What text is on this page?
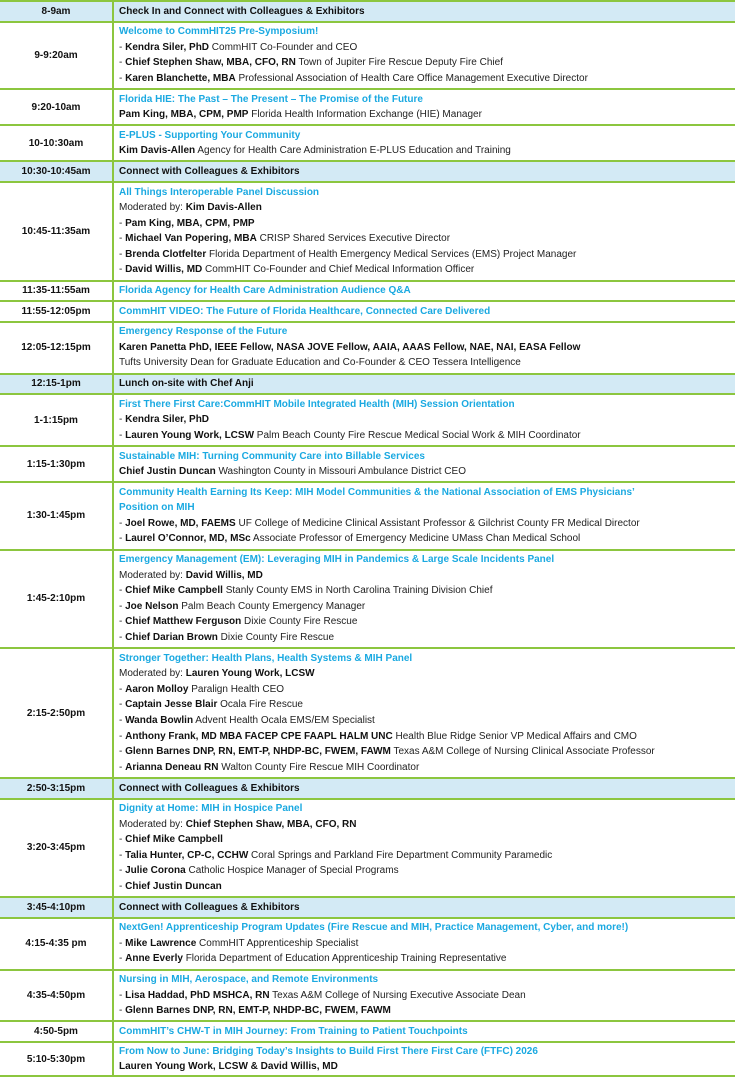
8-9am	Check In and Connect with Colleagues & Exhibitors
9-9:20am
Welcome to CommHIT25 Pre-Symposium!
- Kendra Siler, PhD CommHIT Co-Founder and CEO
- Chief Stephen Shaw, MBA, CFO, RN Town of Jupiter Fire Rescue Deputy Fire Chief
- Karen Blanchette, MBA Professional Association of Health Care Office Management Executive Director
9:20-10am
Florida HIE: The Past – The Present – The Promise of the Future
Pam King, MBA, CPM, PMP Florida Health Information Exchange (HIE) Manager
10-10:30am
E-PLUS - Supporting Your Community
Kim Davis-Allen Agency for Health Care Administration E-PLUS Education and Training
10:30-10:45am	Connect with Colleagues & Exhibitors
10:45-11:35am
All Things Interoperable Panel Discussion
Moderated by: Kim Davis-Allen
- Pam King, MBA, CPM, PMP
- Michael Van Popering, MBA CRISP Shared Services Executive Director
- Brenda Clotfelter Florida Department of Health Emergency Medical Services (EMS) Project Manager
- David Willis, MD CommHIT Co-Founder and Chief Medical Information Officer
11:35-11:55am	Florida Agency for Health Care Administration Audience Q&A
11:55-12:05pm	CommHIT VIDEO: The Future of Florida Healthcare, Connected Care Delivered
12:05-12:15pm
Emergency Response of the Future
Karen Panetta PhD, IEEE Fellow, NASA JOVE Fellow, AAIA, AAAS Fellow, NAE, NAI, EASA Fellow
Tufts University Dean for Graduate Education and Co-Founder & CEO Tessera Intelligence
12:15-1pm	Lunch on-site with Chef Anji
1-1:15pm
First There First Care:CommHIT Mobile Integrated Health (MIH) Session Orientation
- Kendra Siler, PhD
- Lauren Young Work, LCSW Palm Beach County Fire Rescue Medical Social Work & MIH Coordinator
1:15-1:30pm
Sustainable MIH: Turning Community Care into Billable Services
Chief Justin Duncan Washington County in Missouri Ambulance District CEO
1:30-1:45pm
Community Health Earning Its Keep: MIH Model Communities & the National Association of EMS Physicians’
Position on MIH
- Joel Rowe, MD, FAEMS UF College of Medicine Clinical Assistant Professor & Gilchrist County FR Medical Director
- Laurel O’Connor, MD, MSc Associate Professor of Emergency Medicine UMass Chan Medical School
1:45-2:10pm
Emergency Management (EM): Leveraging MIH in Pandemics & Large Scale Incidents Panel
Moderated by: David Willis, MD
- Chief Mike Campbell Stanly County EMS in North Carolina Training Division Chief
- Joe Nelson Palm Beach County Emergency Manager
- Chief Matthew Ferguson Dixie County Fire Rescue
- Chief Darian Brown Dixie County Fire Rescue
2:15-2:50pm
Stronger Together: Health Plans, Health Systems & MIH Panel
Moderated by: Lauren Young Work, LCSW
- Aaron Molloy Paralign Health CEO
- Captain Jesse Blair Ocala Fire Rescue
- Wanda Bowlin Advent Health Ocala EMS/EM Specialist
- Anthony Frank, MD MBA FACEP CPE FAAPL HALM UNC Health Blue Ridge Senior VP Medical Affairs and CMO
- Glenn Barnes DNP, RN, EMT-P, NHDP-BC, FWEM, FAWM Texas A&M College of Nursing Clinical Associate Professor
- Arianna Deneau RN Walton County Fire Rescue MIH Coordinator
2:50-3:15pm	Connect with Colleagues & Exhibitors
3:20-3:45pm
Dignity at Home: MIH in Hospice Panel
Moderated by: Chief Stephen Shaw, MBA, CFO, RN
- Chief Mike Campbell
- Talia Hunter, CP-C, CCHW Coral Springs and Parkland Fire Department Community Paramedic
- Julie Corona Catholic Hospice Manager of Special Programs
- Chief Justin Duncan
3:45-4:10pm	Connect with Colleagues & Exhibitors
4:15-4:35 pm
NextGen! Apprenticeship Program Updates (Fire Rescue and MIH, Practice Management, Cyber, and more!)
- Mike Lawrence CommHIT Apprenticeship Specialist
- Anne Everly Florida Department of Education Apprenticeship Training Representative
4:35-4:50pm
Nursing in MIH, Aerospace, and Remote Environments
- Lisa Haddad, PhD MSHCA, RN Texas A&M College of Nursing Executive Associate Dean
- Glenn Barnes DNP, RN, EMT-P, NHDP-BC, FWEM, FAWM
4:50-5pm	CommHIT’s CHW-T in MIH Journey: From Training to Patient Touchpoints
5:10-5:30pm
From Now to June: Bridging Today’s Insights to Build First There First Care (FTFC) 2026
Lauren Young Work, LCSW & David Willis, MD
